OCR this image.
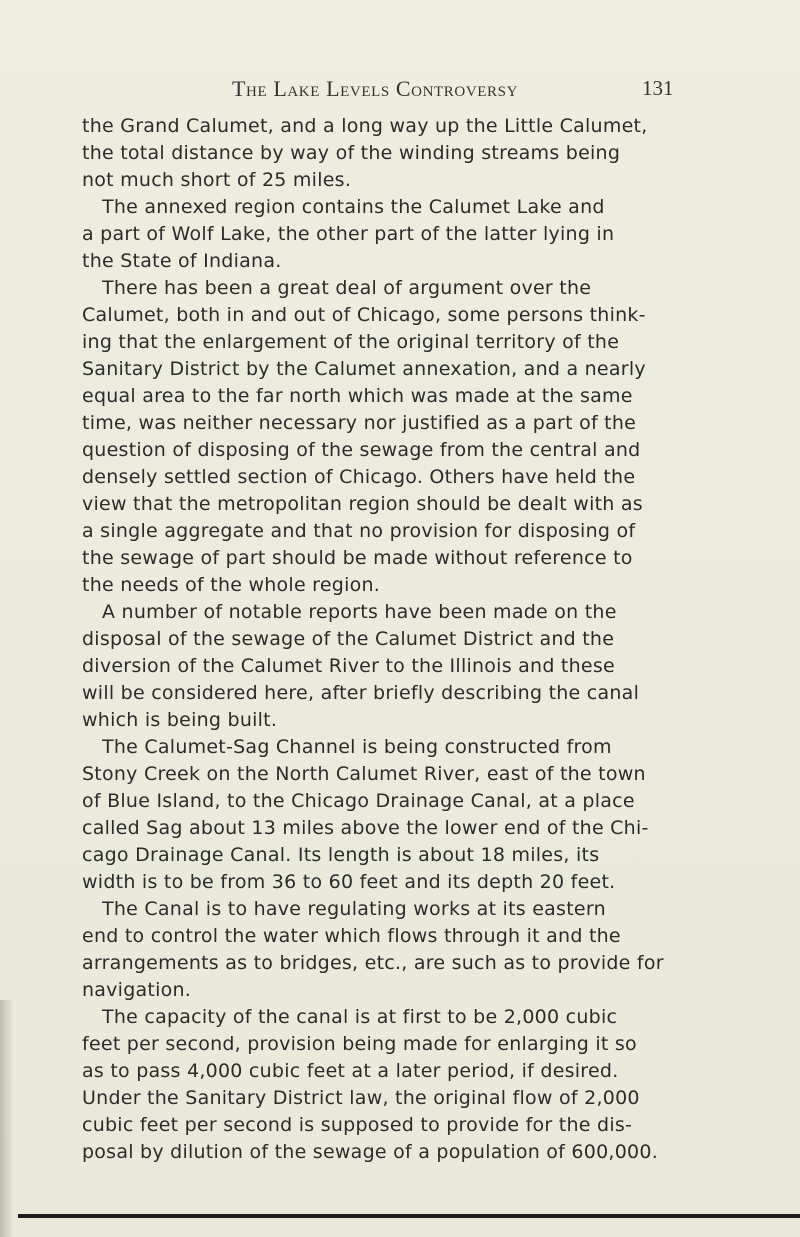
The Lake Levels Controversy	131
the Grand Calumet, and a long way up the Little Calumet,
the total distance by way of the winding streams being
not much short of 25 miles.
The annexed region contains the Calumet Lake and
a part of Wolf Lake, the other part of the latter lying in
the State of Indiana.
There has been a great deal of argument over the
Calumet, both in and out of Chicago, some persons think-
ing that the enlargement of the original territory of the
Sanitary District by the Calumet annexation, and a nearly
equal area to the far north which was made at the same
time, was neither necessary nor justified as a part of the
question of disposing of the sewage from the central and
densely settled section of Chicago. Others have held the
view that the metropolitan region should be dealt with as
a single aggregate and that no provision for disposing of
the sewage of part should be made without reference to
the needs of the whole region.
A number of notable reports have been made on the
disposal of the sewage of the Calumet District and the
diversion of the Calumet River to the Illinois and these
will be considered here, after briefly describing the canal
which is being built.
The Calumet-Sag Channel is being constructed from
Stony Creek on the North Calumet River, east of the town
of Blue Island, to the Chicago Drainage Canal, at a place
called Sag about 13 miles above the lower end of the Chi-
cago Drainage Canal. Its length is about 18 miles, its
width is to be from 36 to 60 feet and its depth 20 feet.
The Canal is to have regulating works at its eastern
end to control the water which flows through it and the
arrangements as to bridges, etc., are such as to provide for
navigation.
The capacity of the canal is at first to be 2,000 cubic
feet per second, provision being made for enlarging it so
as to pass 4,000 cubic feet at a later period, if desired.
Under the Sanitary District law, the original flow of 2,000
cubic feet per second is supposed to provide for the dis-
posal by dilution of the sewage of a population of 600,000.
